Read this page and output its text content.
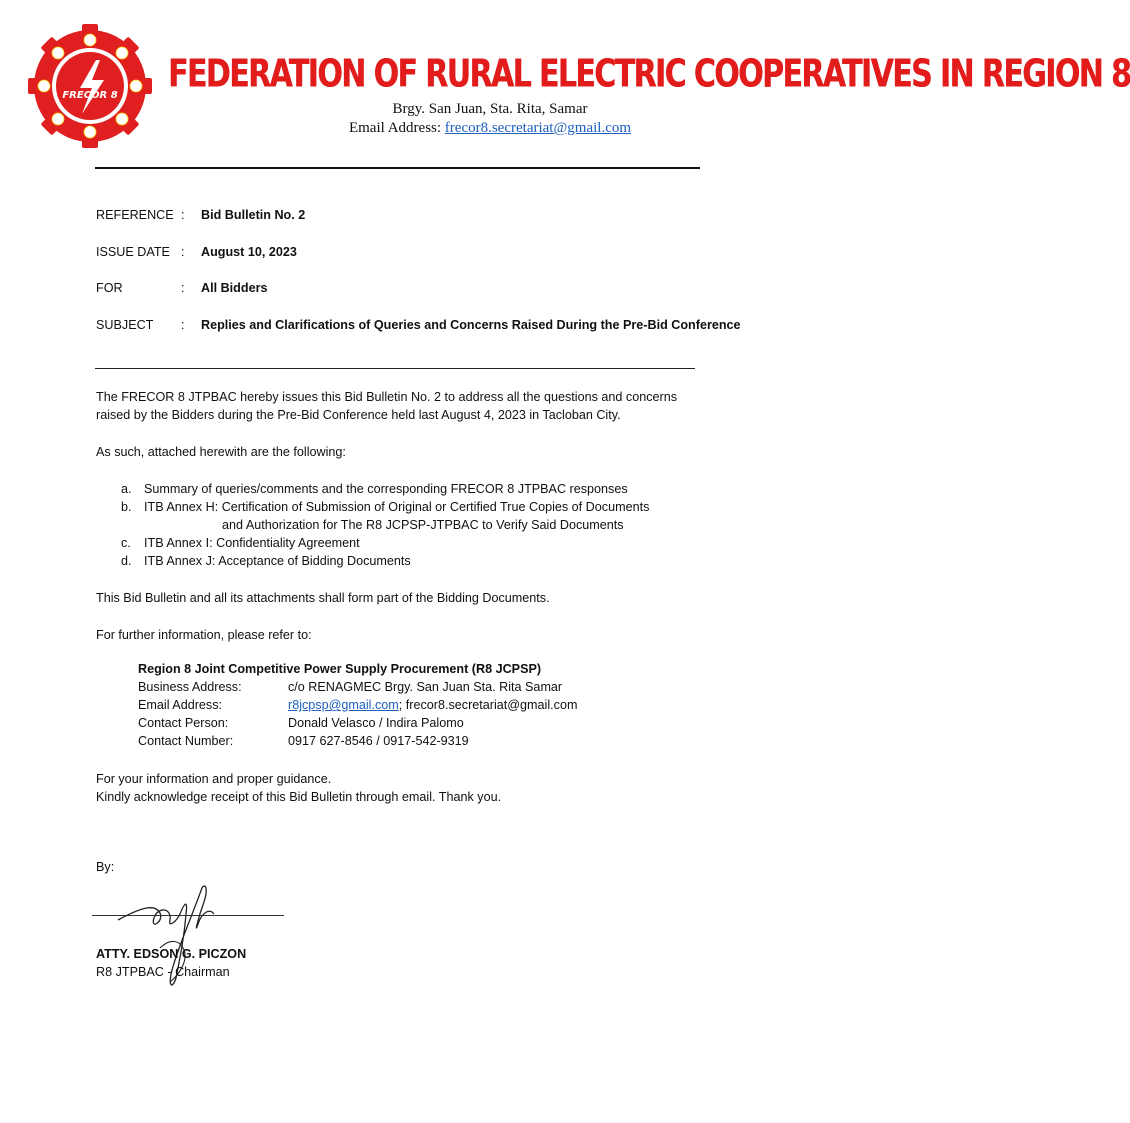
FRECOR 8 FEDERATION OF RURAL ELECTRIC COOPERATIVES IN REGION 8
Brgy. San Juan, Sta. Rita, Samar
Email Address: frecor8.secretariat@gmail.com
REFERENCE : Bid Bulletin No. 2
ISSUE DATE : August 10, 2023
FOR	: All Bidders
SUBJECT : Replies and Clarifications of Queries and Concerns Raised During the Pre-Bid Conference
The FRECOR 8 JTPBAC hereby issues this Bid Bulletin No. 2 to address all the questions and concerns
raised by the Bidders during the Pre-Bid Conference held last August 4, 2023 in Tacloban City.
As such, attached herewith are the following:
a. Summary of queries/comments and the corresponding FRECOR 8 JTPBAC responses
b. ITB Annex H: Certification of Submission of Original or Certified True Copies of Documents
and Authorization for The R8 JCPSP-JTPBAC to Verify Said Documents
c. ITB Annex I: Confidentiality Agreement
d. ITB Annex J: Acceptance of Bidding Documents
This Bid Bulletin and all its attachments shall form part of the Bidding Documents.
For further information, please refer to:
Region 8 Joint Competitive Power Supply Procurement (R8 JCPSP)
Business Address:	c/o RENAGMEC Brgy. San Juan Sta. Rita Samar
Email Address:	r8jcpsp@gmail.com; frecor8.secretariat@gmail.com
Contact Person:	Donald Velasco / Indira Palomo
Contact Number:	0917 627-8546 / 0917-542-9319
For your information and proper guidance.
Kindly acknowledge receipt of this Bid Bulletin through email. Thank you.
By:
ATTY. EDSON G. PICZON
R8 JTPBAC - Chairman
